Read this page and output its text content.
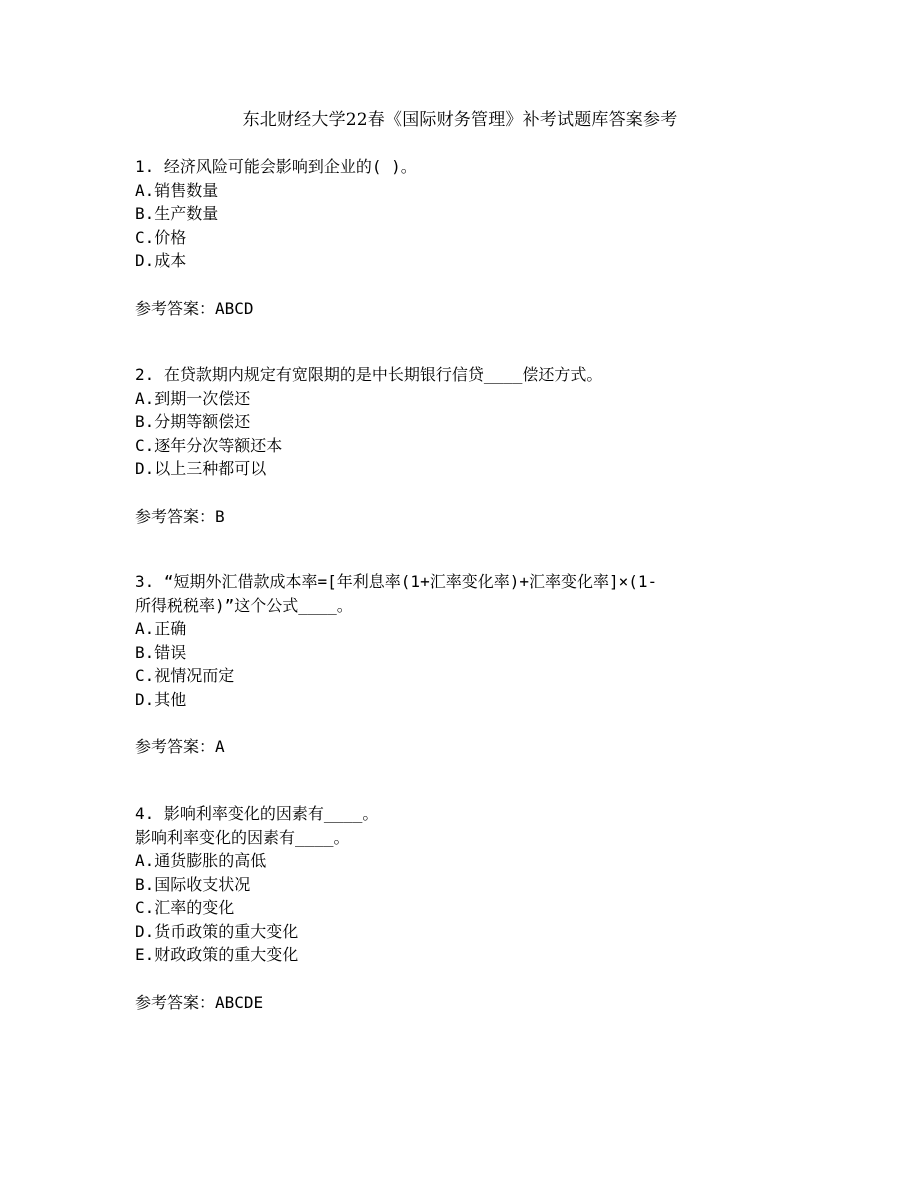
东北财经大学22春《国际财务管理》补考试题库答案参考
1. 经济风险可能会影响到企业的( )。
A.销售数量
B.生产数量
C.价格
D.成本
参考答案：ABCD
2. 在贷款期内规定有宽限期的是中长期银行信贷____偿还方式。
A.到期一次偿还
B.分期等额偿还
C.逐年分次等额还本
D.以上三种都可以
参考答案：B
3. “短期外汇借款成本率=[年利息率(1+汇率变化率)+汇率变化率]×(1-
所得税税率)”这个公式____。
A.正确
B.错误
C.视情况而定
D.其他
参考答案：A
4. 影响利率变化的因素有____。
影响利率变化的因素有____。
A.通货膨胀的高低
B.国际收支状况
C.汇率的变化
D.货币政策的重大变化
E.财政政策的重大变化
参考答案：ABCDE
